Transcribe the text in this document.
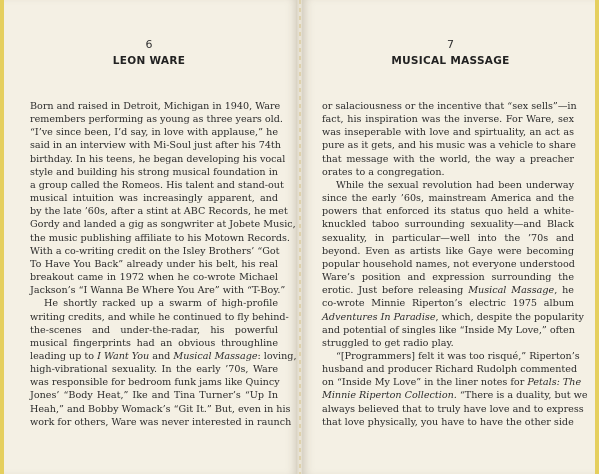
6
LEON WARE

Born and raised in Detroit, Michigan in 1940, Ware
remembers performing as young as three years old.
“I’ve since been, I’d say, in love with applause,” he
said in an interview with Mi-Soul just after his 74th
birthday. In his teens, he began developing his vocal
style and building his strong musical foundation in
a group called the Romeos. His talent and stand-out
musical intuition was increasingly apparent, and
by the late ’60s, after a stint at ABC Records, he met
Gordy and landed a gig as songwriter at Jobete Music,
the music publishing affiliate to his Motown Records.
With a co-writing credit on the Isley Brothers’ “Got
To Have You Back” already under his belt, his real
breakout came in 1972 when he co-wrote Michael
Jackson’s “I Wanna Be Where You Are” with “T-Boy.”

He shortly racked up a swarm of high-profile
writing credits, and while he continued to fly behind-
the-scenes and under-the-radar, his powerful
musical fingerprints had an obvious throughline
leading up to I Want You and Musical Massage: loving,
high-vibrational sexuality. In the early ’70s, Ware
was responsible for bedroom funk jams like Quincy
Jones’ “Body Heat,” Ike and Tina Turner’s “Up In
Heah,” and Bobby Womack’s “Git It.” But, even in his
work for others, Ware was never interested in raunch

7
MUSICAL MASSAGE

or salaciousness or the incentive that “sex sells”—in
fact, his inspiration was the inverse. For Ware, sex
was inseperable with love and spirtuality, an act as
pure as it gets, and his music was a vehicle to share
that message with the world, the way a preacher
orates to a congregation.

While the sexual revolution had been underway
since the early ’60s, mainstream America and the
powers that enforced its status quo held a white-
knuckled taboo surrounding sexuality—and Black
sexuality, in particular—well into the ’70s and
beyond. Even as artists like Gaye were becoming
popular household names, not everyone understood
Ware’s position and expression surrounding the
erotic. Just before releasing Musical Massage, he
co-wrote Minnie Riperton’s electric 1975 album
Adventures In Paradise, which, despite the popularity
and potential of singles like “Inside My Love,” often
struggled to get radio play.

“[Programmers] felt it was too risqué,” Riperton’s
husband and producer Richard Rudolph commented
on “Inside My Love” in the liner notes for Petals: The
Minnie Riperton Collection. “There is a duality, but we
always believed that to truly have love and to express
that love physically, you have to have the other side
